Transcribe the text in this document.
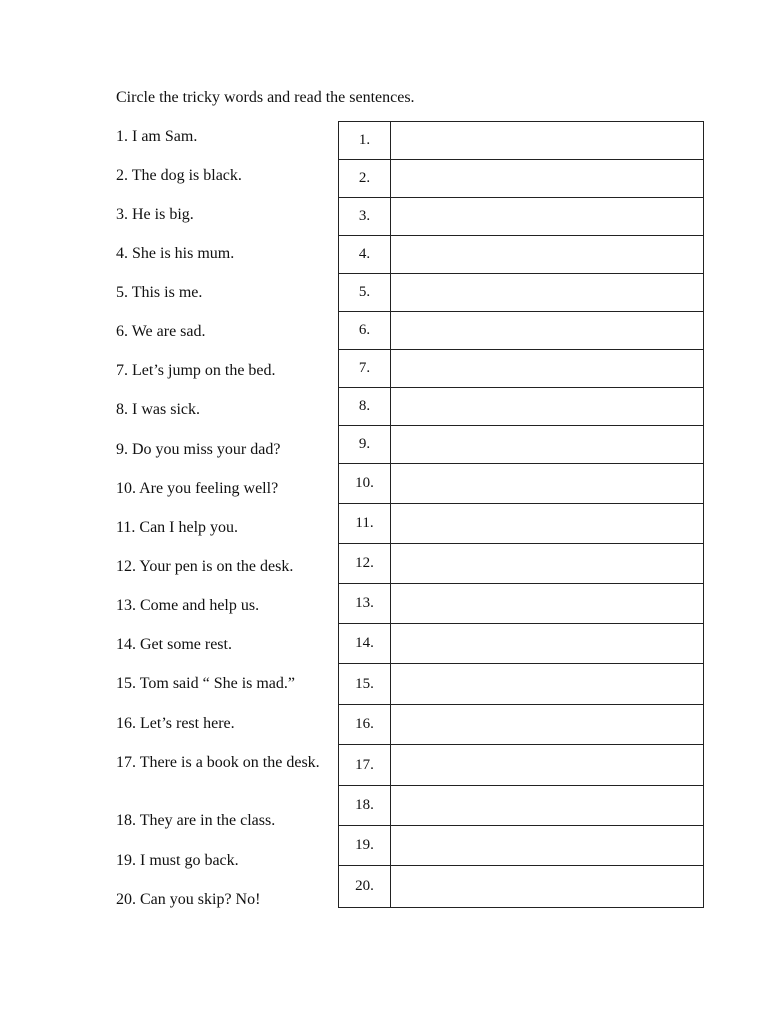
Circle the tricky words and read the sentences.
1. I am Sam.
2. The dog is black.
3. He is big.
4. She is his mum.
5. This is me.
6. We are sad.
7. Let’s jump on the bed.
8. I was sick.
9. Do you miss your dad?
10. Are you feeling well?
11. Can I help you.
12. Your pen is on the desk.
13. Come and help us.
14. Get some rest.
15. Tom said “ She is mad.”
16. Let’s rest here.
17. There is a book on the desk.
18. They are in the class.
19. I must go back.
20. Can you skip? No!
1.
2.
3.
4.
5.
6.
7.
8.
9.
10.
11.
12.
13.
14.
15.
16.
17.
18.
19.
20.
